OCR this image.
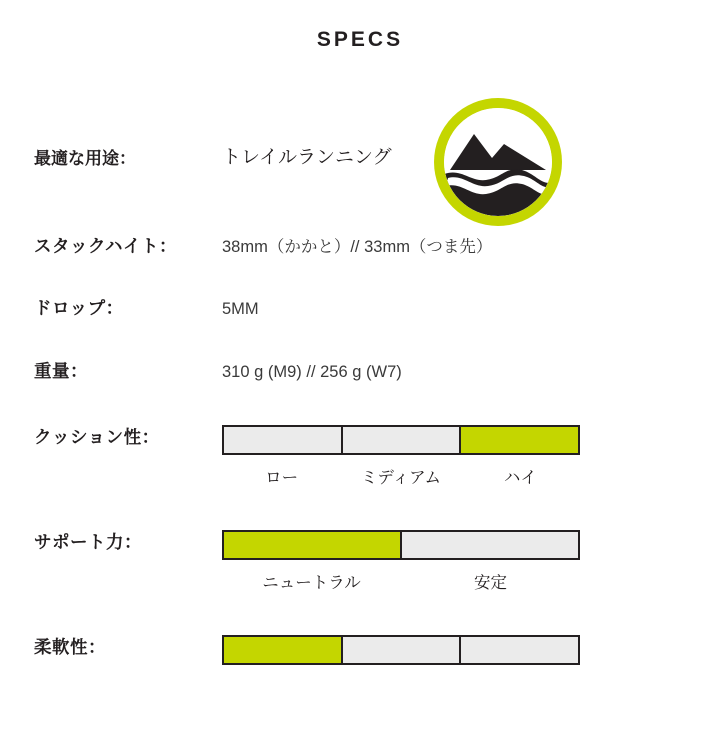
SPECS
最適な用途：	トレイルランニング
スタックハイト：	38mm（かかと）// 33mm（つま先）
ドロップ：	5MM
重量：	310 g (M9) // 256 g (W7)
クッション性：
ロー	ミディアム	ハイ
サポート力：
ニュートラル	安定
柔軟性：
